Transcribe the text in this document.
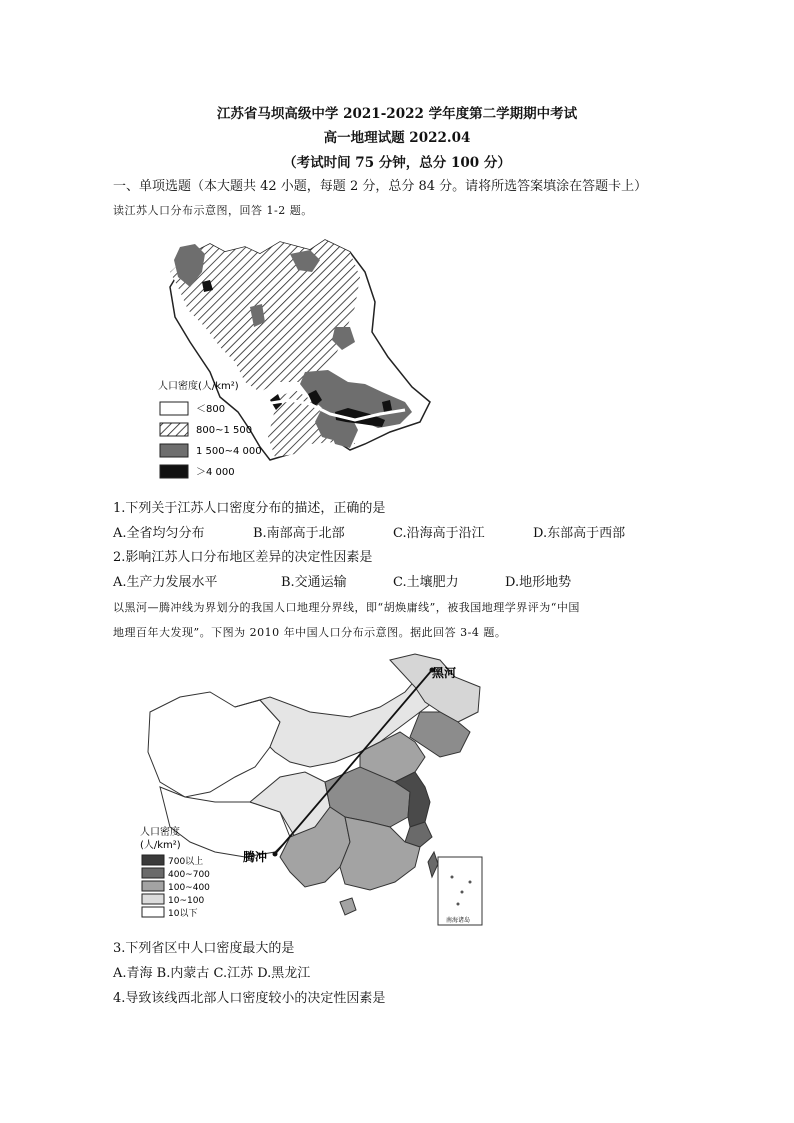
江苏省马坝高级中学 2021-2022 学年度第二学期期中考试
高一地理试题 2022.04
（考试时间 75 分钟，总分 100 分）
一、单项选题（本大题共 42 小题，每题 2 分，总分 84 分。请将所选答案填涂在答题卡上）
读江苏人口分布示意图，回答 1-2 题。
人口密度(人/km²)
＜800
800~1 500
1 500~4 000
＞4 000
1.下列关于江苏人口密度分布的描述，正确的是
A.全省均匀分布	B.南部高于北部	C.沿海高于沿江	D.东部高于西部
2.影响江苏人口分布地区差异的决定性因素是
A.生产力发展水平	B.交通运输	C.土壤肥力	D.地形地势
以黑河—腾冲线为界划分的我国人口地理分界线，即“胡焕庸线”，被我国地理学界评为“中国
地理百年大发现”。下图为 2010 年中国人口分布示意图。据此回答 3-4 题。
黑河
腾冲
南海诸岛
人口密度
(人/km²)
700以上
400~700
100~400
10~100
10以下
3.下列省区中人口密度最大的是
A.青海 B.内蒙古 C.江苏 D.黑龙江
4.导致该线西北部人口密度较小的决定性因素是
